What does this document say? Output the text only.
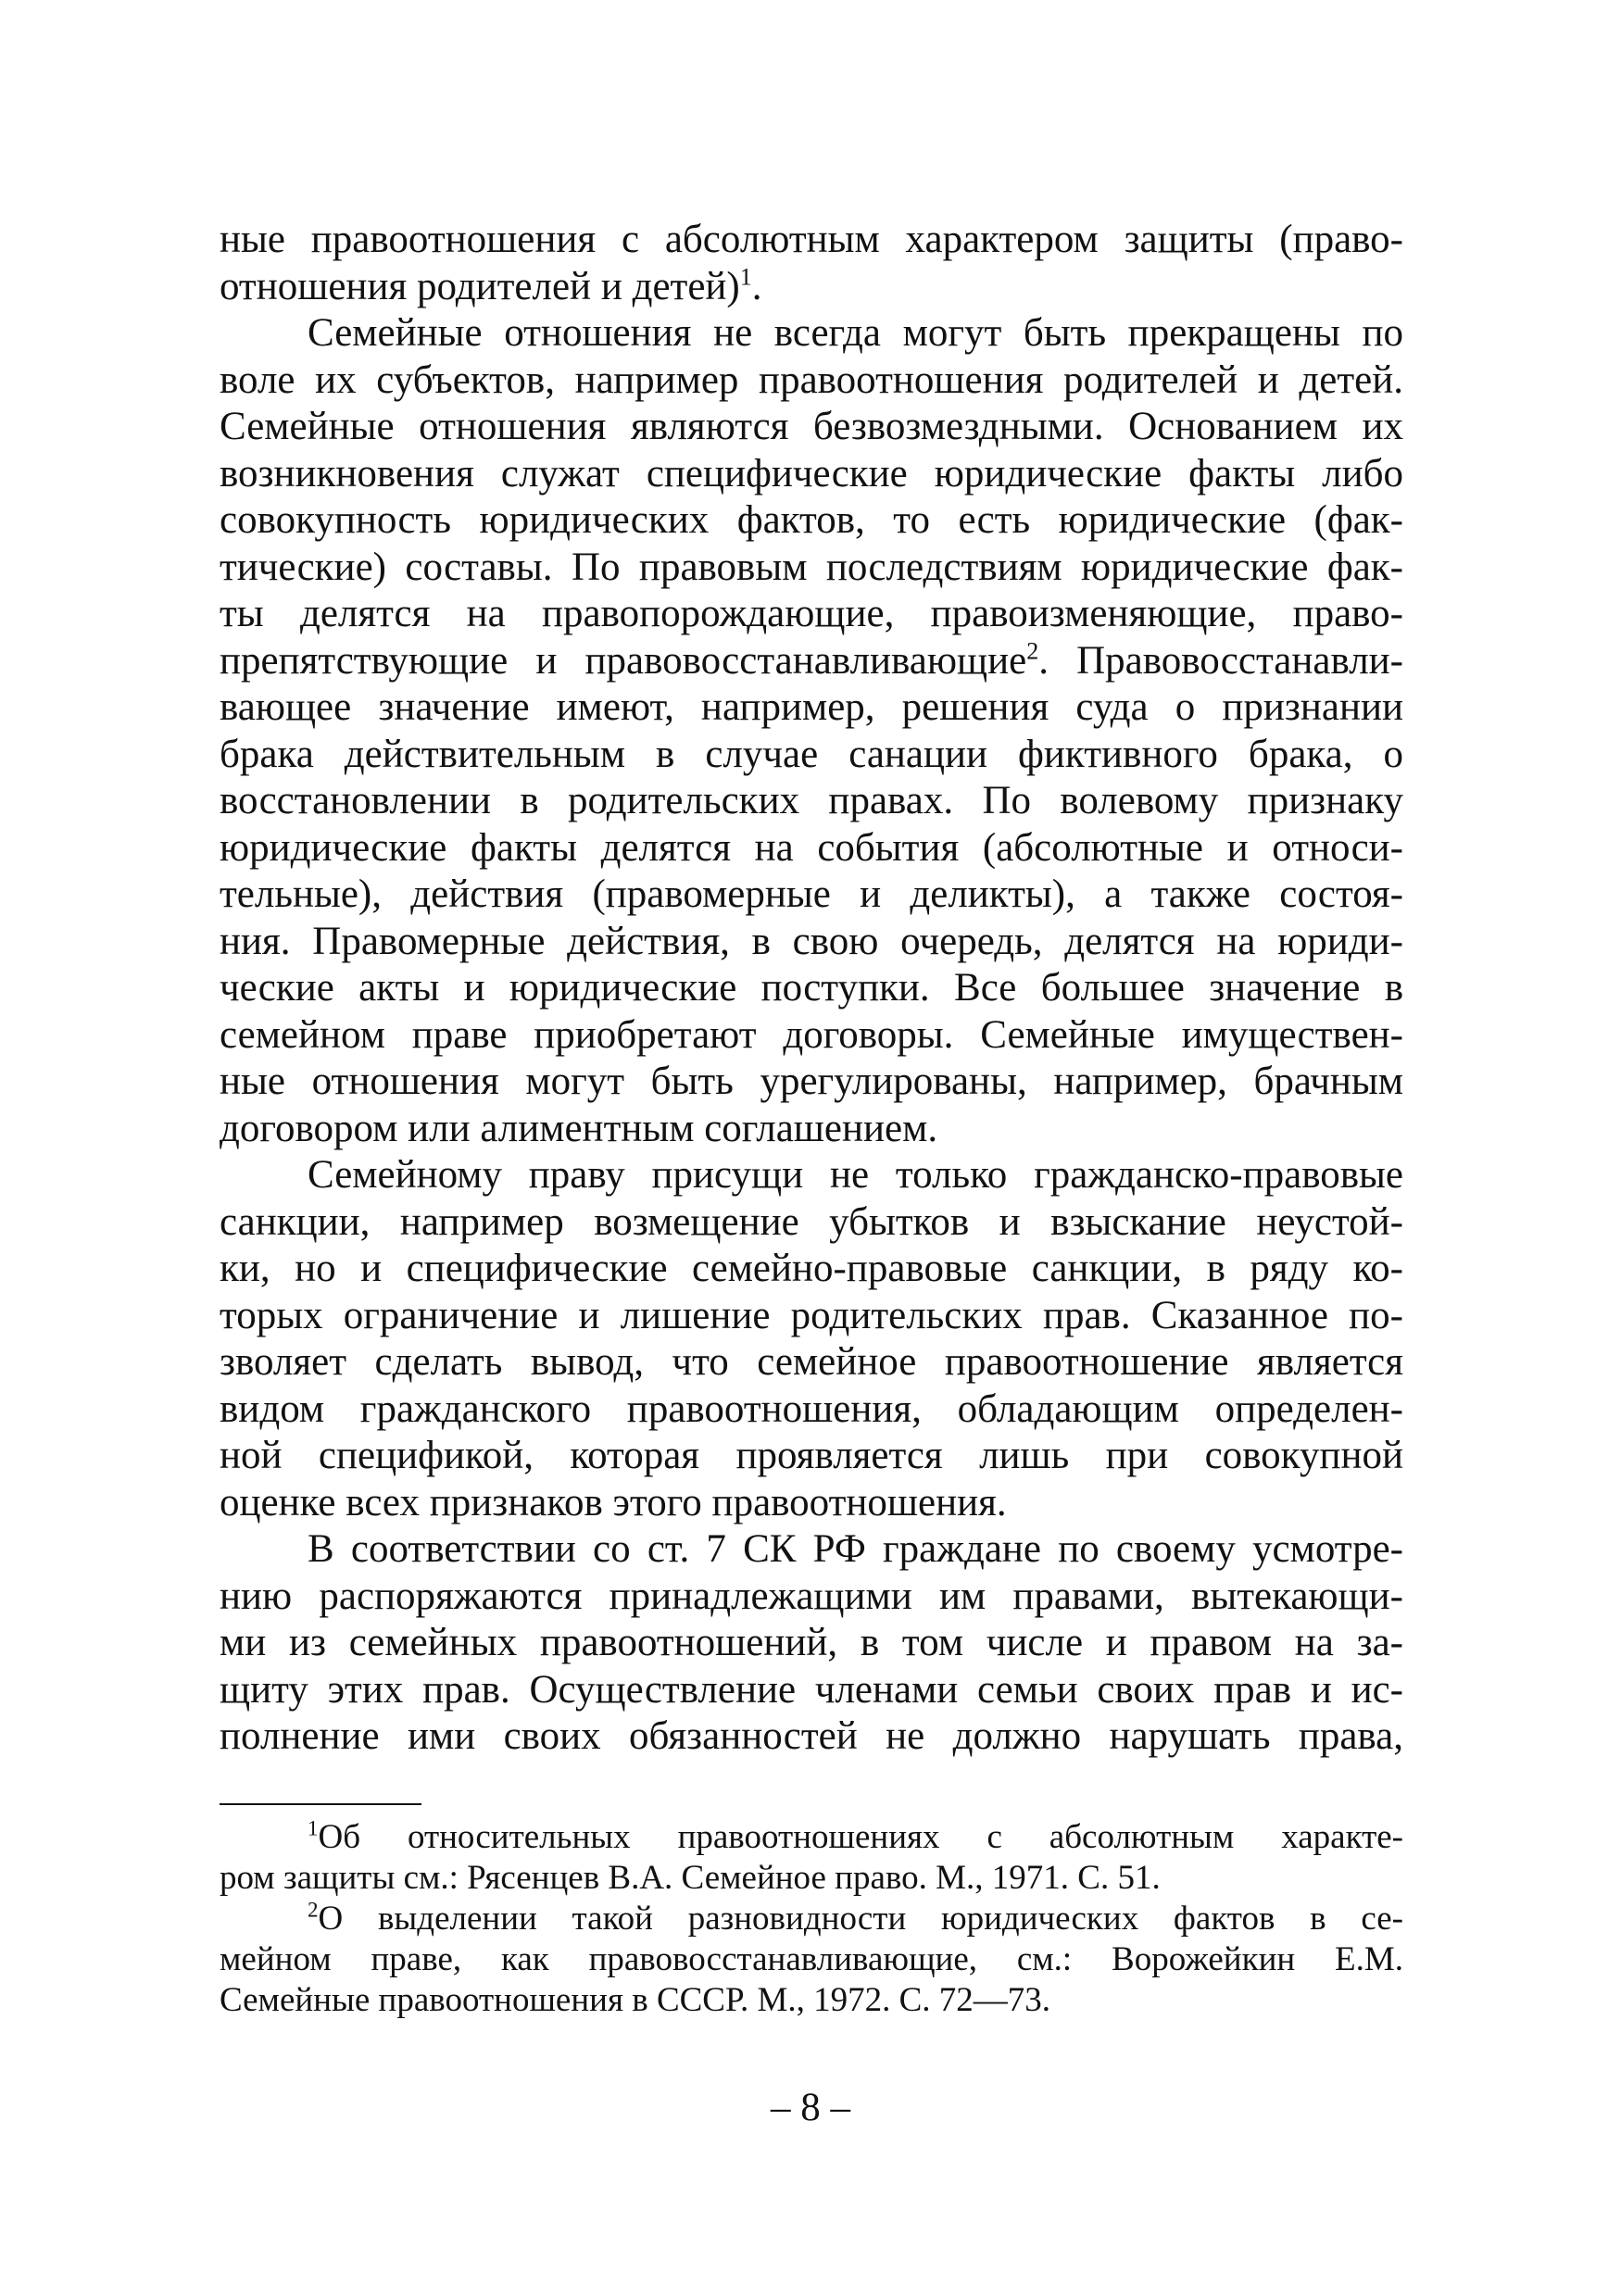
ные правоотношения с абсолютным характером защиты (право-
отношения родителей и детей)$^1$.
Семейные отношения не всегда могут быть прекращены по
воле их субъектов, например правоотношения родителей и детей.
Семейные отношения являются безвозмездными. Основанием их
возникновения служат специфические юридические факты либо
совокупность юридических фактов, то есть юридические (фак-
тические) составы. По правовым последствиям юридические фак-
ты делятся на правопорождающие, правоизменяющие, право-
препятствующие и правовосстанавливающие$^2$. Правовосстанавли-
вающее значение имеют, например, решения суда о признании
брака действительным в случае санации фиктивного брака, о
восстановлении в родительских правах. По волевому признаку
юридические факты делятся на события (абсолютные и относи-
тельные), действия (правомерные и деликты), а также состоя-
ния. Правомерные действия, в свою очередь, делятся на юриди-
ческие акты и юридические поступки. Все большее значение в
семейном праве приобретают договоры. Семейные имуществен-
ные отношения могут быть урегулированы, например, брачным
договором или алиментным соглашением.
Семейному праву присущи не только гражданско-правовые
санкции, например возмещение убытков и взыскание неустой-
ки, но и специфические семейно-правовые санкции, в ряду ко-
торых ограничение и лишение родительских прав. Сказанное по-
зволяет сделать вывод, что семейное правоотношение является
видом гражданского правоотношения, обладающим определен-
ной спецификой, которая проявляется лишь при совокупной
оценке всех признаков этого правоотношения.
В соответствии со ст. 7 СК РФ граждане по своему усмотре-
нию распоряжаются принадлежащими им правами, вытекающи-
ми из семейных правоотношений, в том числе и правом на за-
щиту этих прав. Осуществление членами семьи своих прав и ис-
полнение ими своих обязанностей не должно нарушать права,
$^1$Об относительных правоотношениях с абсолютным характе-
ром защиты см.: Рясенцев В.А. Семейное право. М., 1971. С. 51.
$^2$О выделении такой разновидности юридических фактов в се-
мейном праве, как правовосстанавливающие, см.: Ворожейкин Е.М.
Семейные правоотношения в СССР. М., 1972. С. 72—73.
– 8 –
